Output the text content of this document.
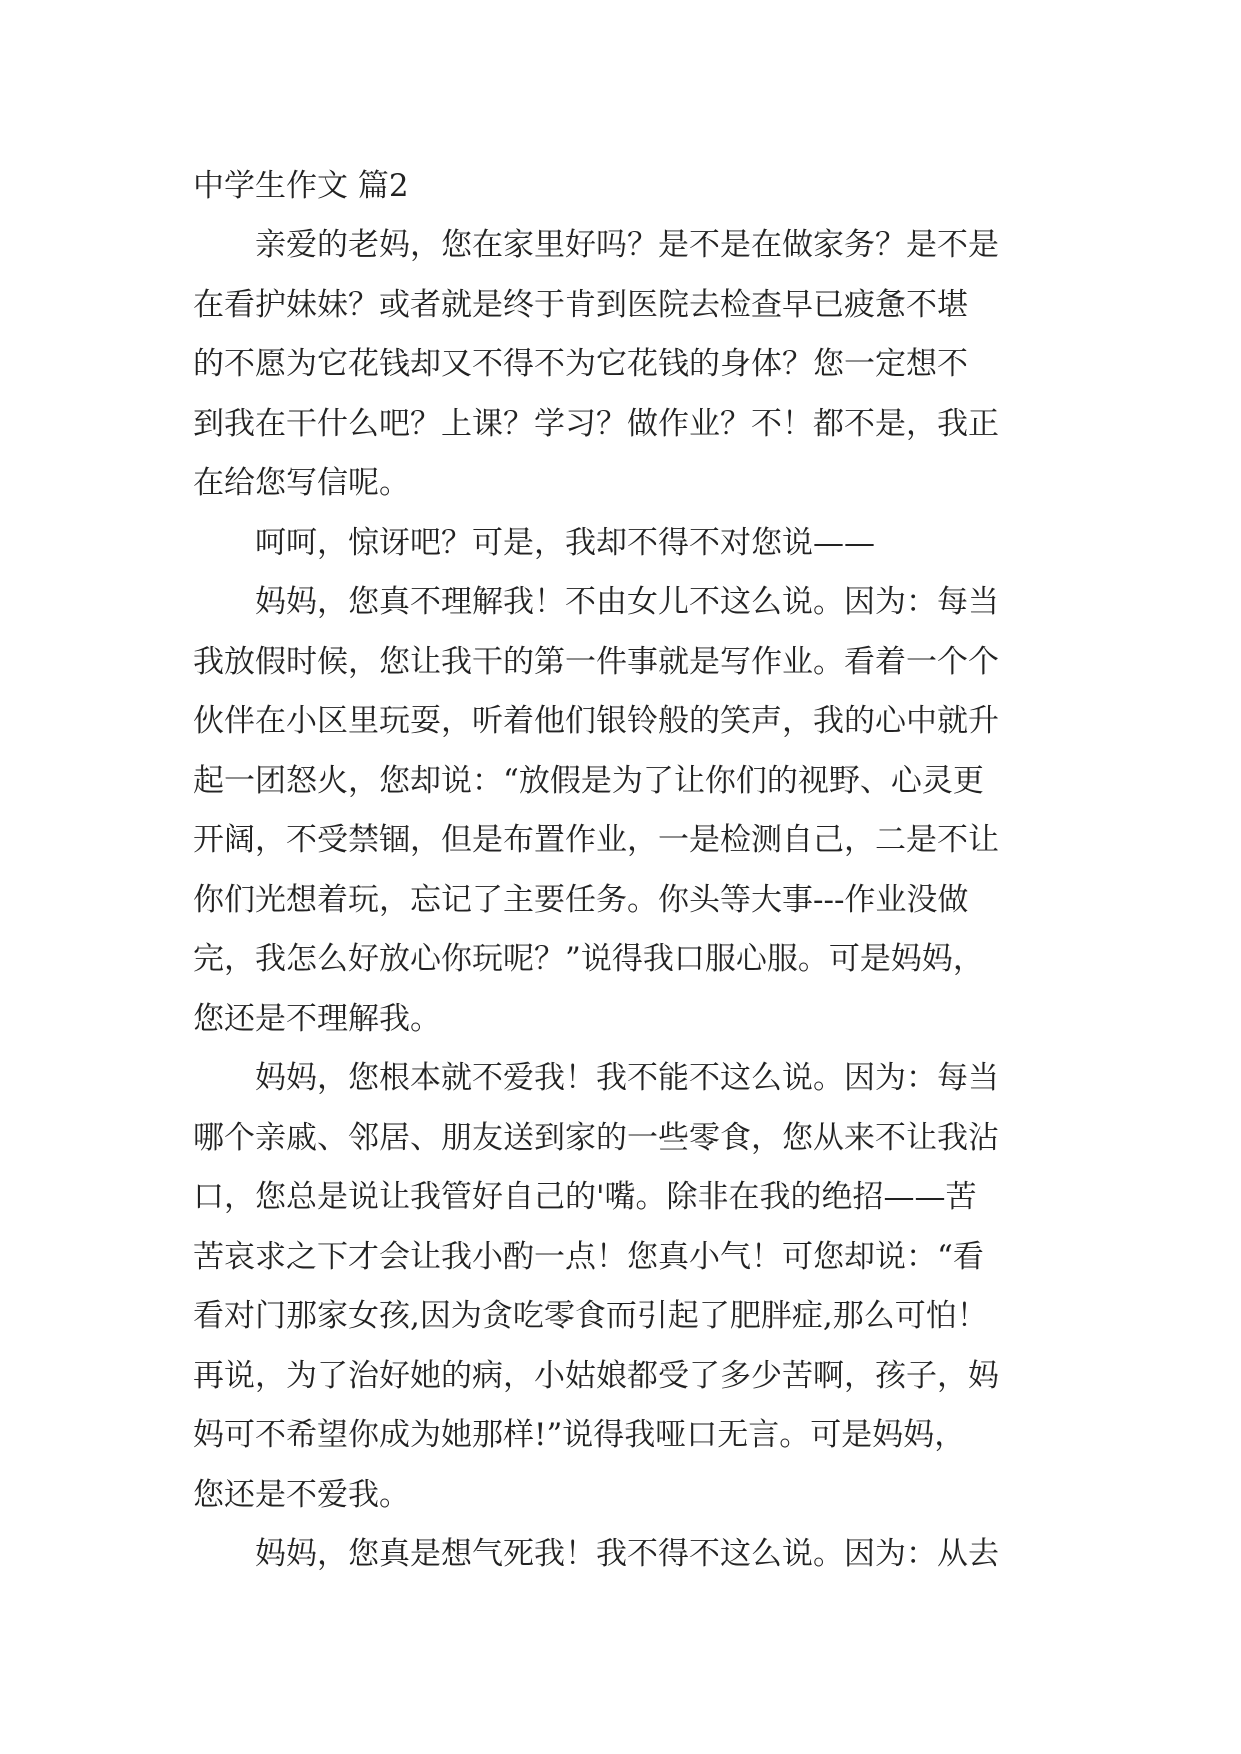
中学生作文 篇2
亲爱的老妈，您在家里好吗？是不是在做家务？是不是
在看护妹妹？或者就是终于肯到医院去检查早已疲惫不堪
的不愿为它花钱却又不得不为它花钱的身体？您一定想不
到我在干什么吧？上课？学习？做作业？不！都不是，我正
在给您写信呢。
呵呵，惊讶吧？可是，我却不得不对您说——
妈妈，您真不理解我！不由女儿不这么说。因为：每当
我放假时候，您让我干的第一件事就是写作业。看着一个个
伙伴在小区里玩耍，听着他们银铃般的笑声，我的心中就升
起一团怒火，您却说：“放假是为了让你们的视野、心灵更
开阔，不受禁锢，但是布置作业，一是检测自己，二是不让
你们光想着玩，忘记了主要任务。你头等大事---作业没做
完，我怎么好放心你玩呢？”说得我口服心服。可是妈妈，
您还是不理解我。
妈妈，您根本就不爱我！我不能不这么说。因为：每当
哪个亲戚、邻居、朋友送到家的一些零食，您从来不让我沾
口，您总是说让我管好自己的'嘴。除非在我的绝招——苦
苦哀求之下才会让我小酌一点！您真小气！可您却说：“看
看对门那家女孩,因为贪吃零食而引起了肥胖症,那么可怕！
再说，为了治好她的病，小姑娘都受了多少苦啊，孩子，妈
妈可不希望你成为她那样!”说得我哑口无言。可是妈妈，
您还是不爱我。
妈妈，您真是想气死我！我不得不这么说。因为：从去
